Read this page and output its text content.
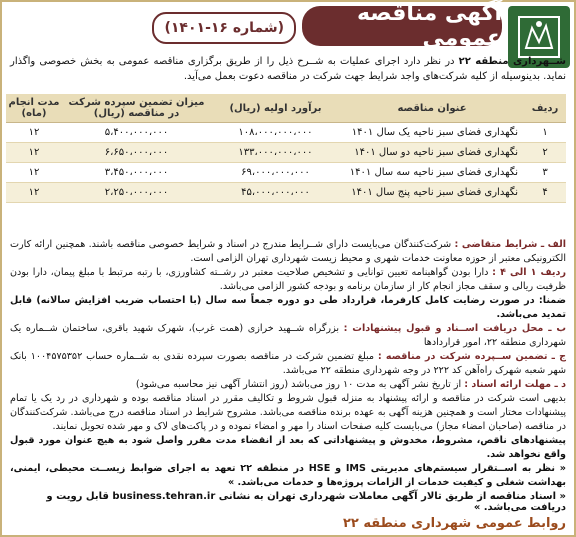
آگهی مناقصه عمومی
(شماره ۱۶-۱۴۰۱)
شــهرداری منطقه ۲۲ در نظر دارد اجرای عملیات به شــرح ذیل را از طریق برگزاری مناقصه عمومی به بخش خصوصی واگذار نماید. بدینوسیله از کلیه شرکت‌های واجد شرایط جهت شرکت در مناقصه دعوت بعمل می‌آید.
ردیف	عنوان مناقصه	برآورد اولیه (ریال)	میزان تضمین سپرده شرکت در مناقصه (ریال)	مدت انجام (ماه)
۱	نگهداری فضای سبز ناحیه یک سال ۱۴۰۱	۱۰۸،۰۰۰،۰۰۰،۰۰۰	۵،۴۰۰،۰۰۰،۰۰۰	۱۲
۲	نگهداری فضای سبز ناحیه دو سال ۱۴۰۱	۱۳۳،۰۰۰،۰۰۰،۰۰۰	۶،۶۵۰،۰۰۰،۰۰۰	۱۲
۳	نگهداری فضای سبز ناحیه سه سال ۱۴۰۱	۶۹،۰۰۰،۰۰۰،۰۰۰	۳،۴۵۰،۰۰۰،۰۰۰	۱۲
۴	نگهداری فضای سبز ناحیه پنج سال ۱۴۰۱	۴۵،۰۰۰،۰۰۰،۰۰۰	۲،۲۵۰،۰۰۰،۰۰۰	۱۲

الف ـ شرایط متقاضی : شرکت‌کنندگان می‌بایست دارای شــرایط مندرج در اسناد و شرایط خصوصی مناقصه باشند. همچنین ارائه کارت الکترونیکی معتبر از حوزه معاونت خدمات شهری و محیط زیست شهرداری تهران الزامی است.

ردیف ۱ الی ۴ : دارا بودن گواهینامه تعیین توانایی و تشخیص صلاحیت معتبر در رشــته کشاورزی، با رتبه مرتبط با مبلغ پیمان، دارا بودن ظرفیت ریالی و سقف مجاز انجام کار از سازمان برنامه و بودجه کشور الزامی می‌باشد.

ضمنا: در صورت رضایت کامل کارفرما، قرارداد طی دو دوره جمعاً سه سال (با احتساب ضریب افزایش سالانه) قابل تمدید می‌باشد.

ب ـ محل دریافت اســناد و قبول پیشنهادات : بزرگراه شــهید خرازی (همت غرب)، شهرک شهید باقری، ساختمان شــماره یک شهرداری منطقه ۲۲، امور قراردادها

ج ـ تضمین ســپرده شرکت در مناقصه : مبلغ تضمین شرکت در مناقصه بصورت سپرده نقدی به شــماره حساب ۱۰۰۴۵۷۵۳۵۲ بانک شهر شعبه شهرک راه‌آهن کد ۲۲۲ در وجه شهرداری منطقه ۲۲ می‌باشد.

د ـ مهلت ارائه اسناد : از تاریخ نشر آگهی به مدت ۱۰ روز می‌باشد (روز انتشار آگهی نیز محاسبه می‌شود)

بدیهی است شرکت در مناقصه و ارائه پیشنهاد به منزله قبول شروط و تکالیف مقرر در اسناد مناقصه بوده و شهرداری در رد یک یا تمام پیشنهادات مختار است و همچنین هزینه آگهی به عهده برنده مناقصه می‌باشد. مشروح شرایط در اسناد مناقصه درج می‌باشد. شرکت‌کنندگان در مناقصه (صاحبان امضاء مجاز) می‌بایست کلیه صفحات اسناد را مهر و امضاء نموده و در پاکت‌های لاک و مهر شده تحویل نمایند.

پیشنهادهای ناقص، مشروط، مخدوش و پیشنهاداتی که بعد از انقضاء مدت مقرر واصل شود به هیچ عنوان مورد قبول واقع نخواهد شد.

« نظر به اســتقرار سیستم‌های مدیریتی IMS و HSE در منطقه ۲۲ تعهد به اجرای ضوابط زیســت محیطی، ایمنی، بهداشت شغلی و کیفیت خدمات از الزامات پروژه‌ها و خدمات می‌باشد. »

« اسناد مناقصه از طریق تالار آگهی معاملات شهرداری تهران به نشانی business.tehran.ir قابل رویت و دریافت می‌باشد. »
روابط عمومی شهرداری منطقه ۲۲
